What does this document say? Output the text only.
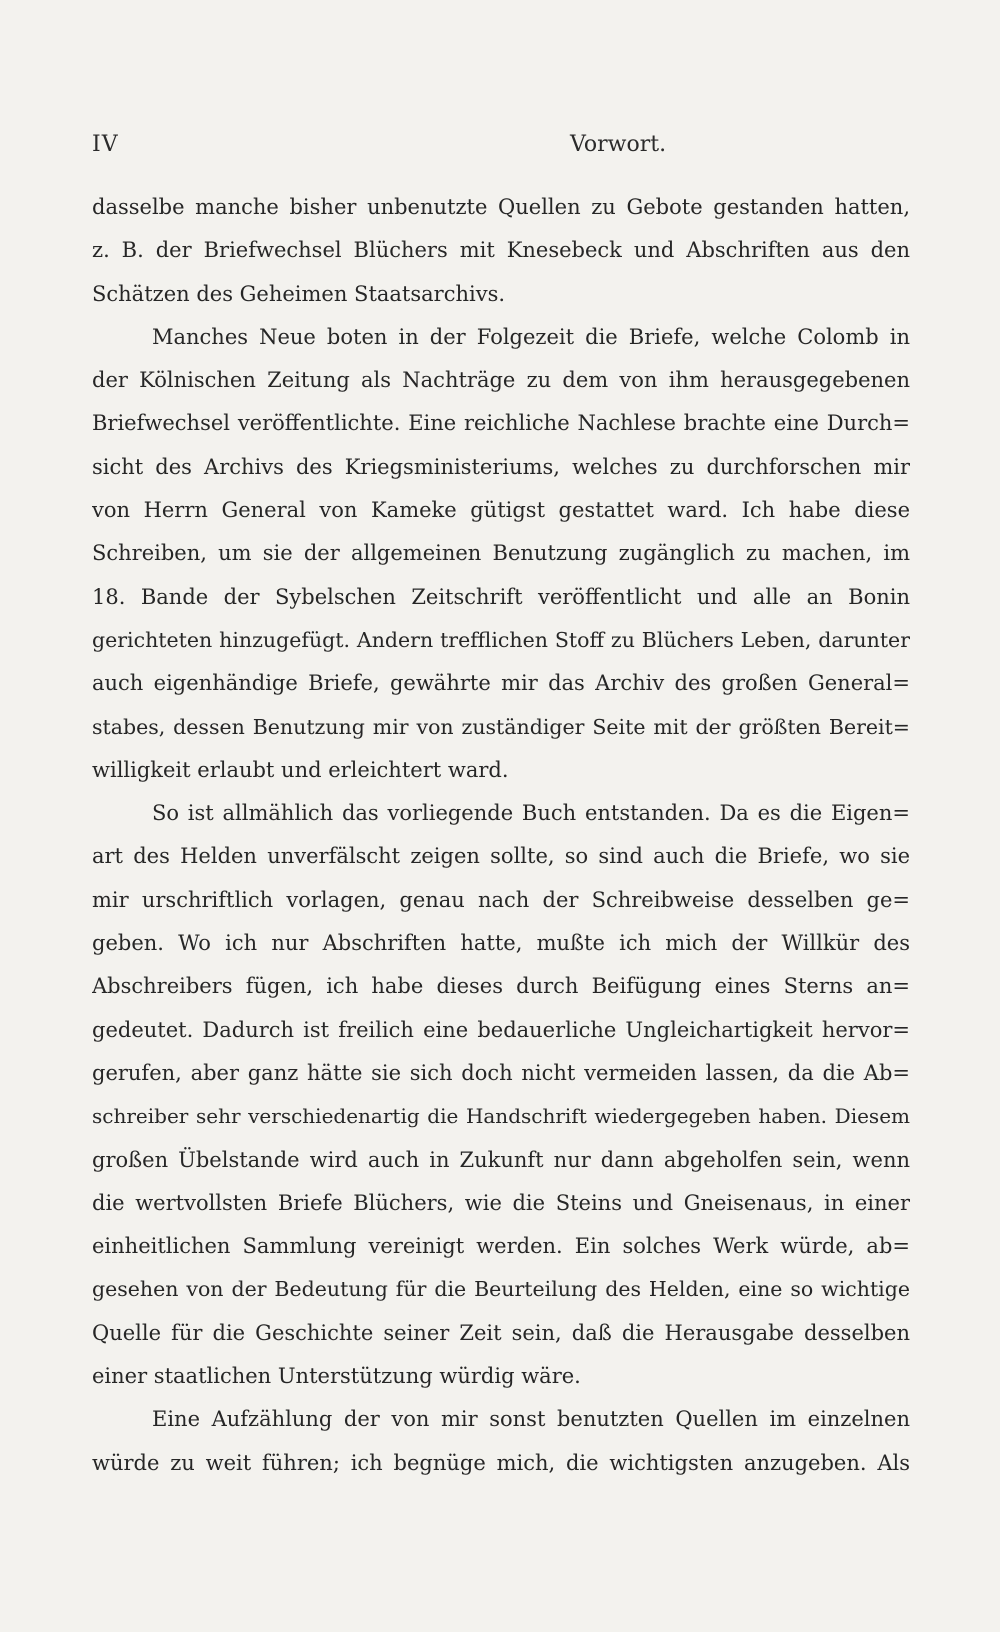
IV	Vorwort.
dasselbe manche bisher unbenutzte Quellen zu Gebote gestanden hatten,
z. B. der Briefwechsel Blüchers mit Knesebeck und Abschriften aus den
Schätzen des Geheimen Staatsarchivs.
Manches Neue boten in der Folgezeit die Briefe, welche Colomb in
der Kölnischen Zeitung als Nachträge zu dem von ihm herausgegebenen
Briefwechsel veröffentlichte. Eine reichliche Nachlese brachte eine Durch=
sicht des Archivs des Kriegsministeriums, welches zu durchforschen mir
von Herrn General von Kameke gütigst gestattet ward. Ich habe diese
Schreiben, um sie der allgemeinen Benutzung zugänglich zu machen, im
18. Bande der Sybelschen Zeitschrift veröffentlicht und alle an Bonin
gerichteten hinzugefügt. Andern trefflichen Stoff zu Blüchers Leben, darunter
auch eigenhändige Briefe, gewährte mir das Archiv des großen General=
stabes, dessen Benutzung mir von zuständiger Seite mit der größten Bereit=
willigkeit erlaubt und erleichtert ward.
So ist allmählich das vorliegende Buch entstanden. Da es die Eigen=
art des Helden unverfälscht zeigen sollte, so sind auch die Briefe, wo sie
mir urschriftlich vorlagen, genau nach der Schreibweise desselben ge=
geben. Wo ich nur Abschriften hatte, mußte ich mich der Willkür des
Abschreibers fügen, ich habe dieses durch Beifügung eines Sterns an=
gedeutet. Dadurch ist freilich eine bedauerliche Ungleichartigkeit hervor=
gerufen, aber ganz hätte sie sich doch nicht vermeiden lassen, da die Ab=
schreiber sehr verschiedenartig die Handschrift wiedergegeben haben. Diesem
großen Übelstande wird auch in Zukunft nur dann abgeholfen sein, wenn
die wertvollsten Briefe Blüchers, wie die Steins und Gneisenaus, in einer
einheitlichen Sammlung vereinigt werden. Ein solches Werk würde, ab=
gesehen von der Bedeutung für die Beurteilung des Helden, eine so wichtige
Quelle für die Geschichte seiner Zeit sein, daß die Herausgabe desselben
einer staatlichen Unterstützung würdig wäre.
Eine Aufzählung der von mir sonst benutzten Quellen im einzelnen
würde zu weit führen; ich begnüge mich, die wichtigsten anzugeben. Als
